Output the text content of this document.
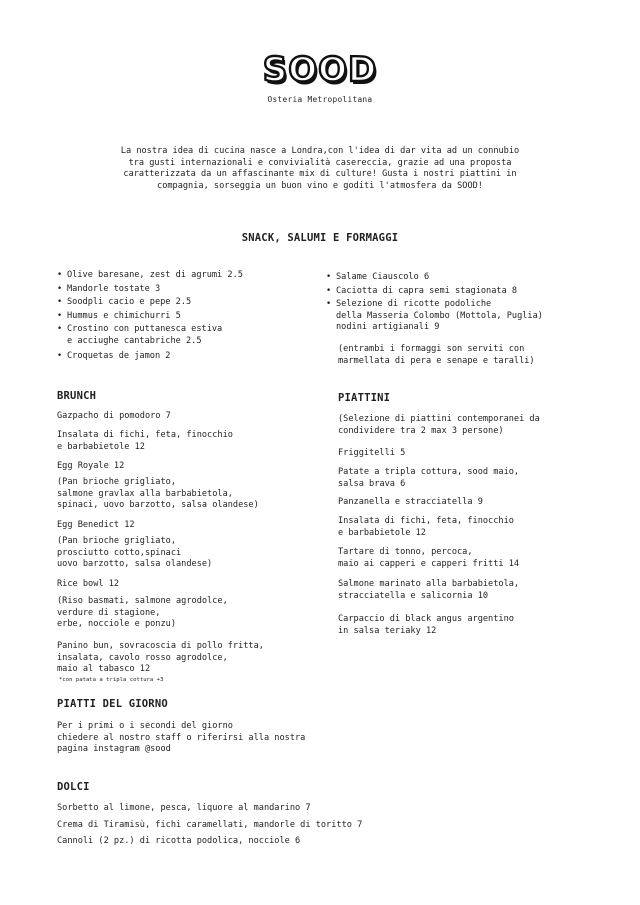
SOOD
Osteria Metropolitana
La nostra idea di cucina nasce a Londra,con l'idea di dar vita ad un connubio
tra gusti internazionali e convivialità casereccia, grazie ad una proposta
caratterizzata da un affascinante mix di culture! Gusta i nostri piattini in
compagnia, sorseggia un buon vino e goditi l'atmosfera da SOOD!
SNACK, SALUMI E FORMAGGI
• Olive baresane, zest di agrumi 2.5
• Mandorle tostate 3
• Soodpli cacio e pepe 2.5
• Hummus e chimichurri 5
• Crostino con puttanesca estiva
e acciughe cantabriche 2.5
• Croquetas de jamon 2
• Salame Ciauscolo 6
• Caciotta di capra semi stagionata 8
• Selezione di ricotte podoliche
della Masseria Colombo (Mottola, Puglia)
nodini artigianali 9
(entrambi i formaggi son serviti con
marmellata di pera e senape e taralli)
BRUNCH
Gazpacho di pomodoro 7
Insalata di fichi, feta, finocchio
e barbabietole 12
Egg Royale 12
(Pan brioche grigliato,
salmone gravlax alla barbabietola,
spinaci, uovo barzotto, salsa olandese)
Egg Benedict 12
(Pan brioche grigliato,
prosciutto cotto,spinaci
uovo barzotto, salsa olandese)
Rice bowl 12
(Riso basmati, salmone agrodolce,
verdure di stagione,
erbe, nocciole e ponzu)
Panino bun, sovracoscia di pollo fritta,
insalata, cavolo rosso agrodolce,
maio al tabasco 12
*con patata a tripla cottura +3
PIATTINI
(Selezione di piattini contemporanei da
condividere tra 2 max 3 persone)
Friggitelli 5
Patate a tripla cottura, sood maio,
salsa brava 6
Panzanella e stracciatella 9
Insalata di fichi, feta, finocchio
e barbabietole 12
Tartare di tonno, percoca,
maio ai capperi e capperi fritti 14
Salmone marinato alla barbabietola,
stracciatella e salicornia 10
Carpaccio di black angus argentino
in salsa teriaky 12
PIATTI DEL GIORNO
Per i primi o i secondi del giorno
chiedere al nostro staff o riferirsi alla nostra
pagina instagram @sood
DOLCI
Sorbetto al limone, pesca, liquore al mandarino 7
Crema di Tiramisù, fichi caramellati, mandorle di toritto 7
Cannoli (2 pz.) di ricotta podolica, nocciole 6
